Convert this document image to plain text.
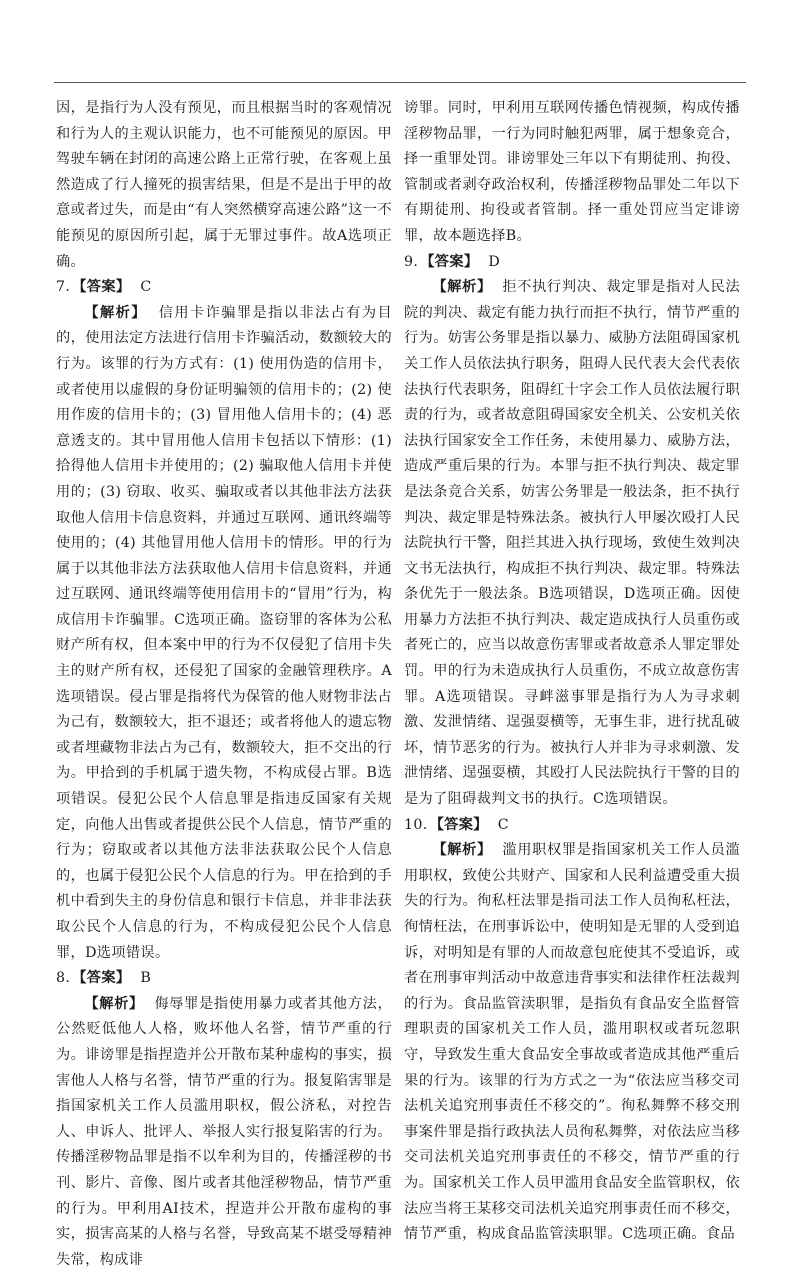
因，是指行为人没有预见，而且根据当时的客观情况和行为人的主观认识能力，也不可能预见的原因。甲驾驶车辆在封闭的高速公路上正常行驶，在客观上虽然造成了行人撞死的损害结果，但是不是出于甲的故意或者过失，而是由“有人突然横穿高速公路”这一不能预见的原因所引起，属于无罪过事件。故A选项正确。

7. 【答案】 C

【解析】 信用卡诈骗罪是指以非法占有为目的，使用法定方法进行信用卡诈骗活动，数额较大的行为。该罪的行为方式有：(1) 使用伪造的信用卡，或者使用以虚假的身份证明骗领的信用卡的；(2) 使用作废的信用卡的；(3) 冒用他人信用卡的；(4) 恶意透支的。其中冒用他人信用卡包括以下情形：(1) 拾得他人信用卡并使用的；(2) 骗取他人信用卡并使用的；(3) 窃取、收买、骗取或者以其他非法方法获取他人信用卡信息资料，并通过互联网、通讯终端等使用的；(4) 其他冒用他人信用卡的情形。甲的行为属于以其他非法方法获取他人信用卡信息资料，并通过互联网、通讯终端等使用信用卡的“冒用”行为，构成信用卡诈骗罪。C选项正确。盗窃罪的客体为公私财产所有权，但本案中甲的行为不仅侵犯了信用卡失主的财产所有权，还侵犯了国家的金融管理秩序。A选项错误。侵占罪是指将代为保管的他人财物非法占为己有，数额较大，拒不退还；或者将他人的遗忘物或者埋藏物非法占为己有，数额较大，拒不交出的行为。甲拾到的手机属于遗失物，不构成侵占罪。B选项错误。侵犯公民个人信息罪是指违反国家有关规定，向他人出售或者提供公民个人信息，情节严重的行为；窃取或者以其他方法非法获取公民个人信息的，也属于侵犯公民个人信息的行为。甲在拾到的手机中看到失主的身份信息和银行卡信息，并非非法获取公民个人信息的行为，不构成侵犯公民个人信息罪，D选项错误。

8. 【答案】 B

【解析】 侮辱罪是指使用暴力或者其他方法，公然贬低他人人格，败坏他人名誉，情节严重的行为。诽谤罪是指捏造并公开散布某种虚构的事实，损害他人人格与名誉，情节严重的行为。报复陷害罪是指国家机关工作人员滥用职权，假公济私，对控告人、申诉人、批评人、举报人实行报复陷害的行为。传播淫秽物品罪是指不以牟利为目的，传播淫秽的书刊、影片、音像、图片或者其他淫秽物品，情节严重的行为。甲利用AI技术，捏造并公开散布虚构的事实，损害高某的人格与名誉，导致高某不堪受辱精神失常，构成诽

谤罪。同时，甲利用互联网传播色情视频，构成传播淫秽物品罪，一行为同时触犯两罪，属于想象竞合，择一重罪处罚。诽谤罪处三年以下有期徒刑、拘役、管制或者剥夺政治权利，传播淫秽物品罪处二年以下有期徒刑、拘役或者管制。择一重处罚应当定诽谤罪，故本题选择B。

9. 【答案】 D

【解析】 拒不执行判决、裁定罪是指对人民法院的判决、裁定有能力执行而拒不执行，情节严重的行为。妨害公务罪是指以暴力、威胁方法阻碍国家机关工作人员依法执行职务，阻碍人民代表大会代表依法执行代表职务，阻碍红十字会工作人员依法履行职责的行为，或者故意阻碍国家安全机关、公安机关依法执行国家安全工作任务，未使用暴力、威胁方法，造成严重后果的行为。本罪与拒不执行判决、裁定罪是法条竞合关系，妨害公务罪是一般法条，拒不执行判决、裁定罪是特殊法条。被执行人甲屡次殴打人民法院执行干警，阻拦其进入执行现场，致使生效判决文书无法执行，构成拒不执行判决、裁定罪。特殊法条优先于一般法条。B选项错误，D选项正确。因使用暴力方法拒不执行判决、裁定造成执行人员重伤或者死亡的，应当以故意伤害罪或者故意杀人罪定罪处罚。甲的行为未造成执行人员重伤，不成立故意伤害罪。A选项错误。寻衅滋事罪是指行为人为寻求刺激、发泄情绪、逞强耍横等，无事生非，进行扰乱破坏，情节恶劣的行为。被执行人并非为寻求刺激、发泄情绪、逞强耍横，其殴打人民法院执行干警的目的是为了阻碍裁判文书的执行。C选项错误。

10. 【答案】 C

【解析】 滥用职权罪是指国家机关工作人员滥用职权，致使公共财产、国家和人民利益遭受重大损失的行为。徇私枉法罪是指司法工作人员徇私枉法，徇情枉法，在刑事诉讼中，使明知是无罪的人受到追诉，对明知是有罪的人而故意包庇使其不受追诉，或者在刑事审判活动中故意违背事实和法律作枉法裁判的行为。食品监管渎职罪，是指负有食品安全监督管理职责的国家机关工作人员，滥用职权或者玩忽职守，导致发生重大食品安全事故或者造成其他严重后果的行为。该罪的行为方式之一为“依法应当移交司法机关追究刑事责任不移交的”。徇私舞弊不移交刑事案件罪是指行政执法人员徇私舞弊，对依法应当移交司法机关追究刑事责任的不移交，情节严重的行为。国家机关工作人员甲滥用食品安全监管职权，依法应当将王某移交司法机关追究刑事责任而不移交，情节严重，构成食品监管渎职罪。C选项正确。食品
